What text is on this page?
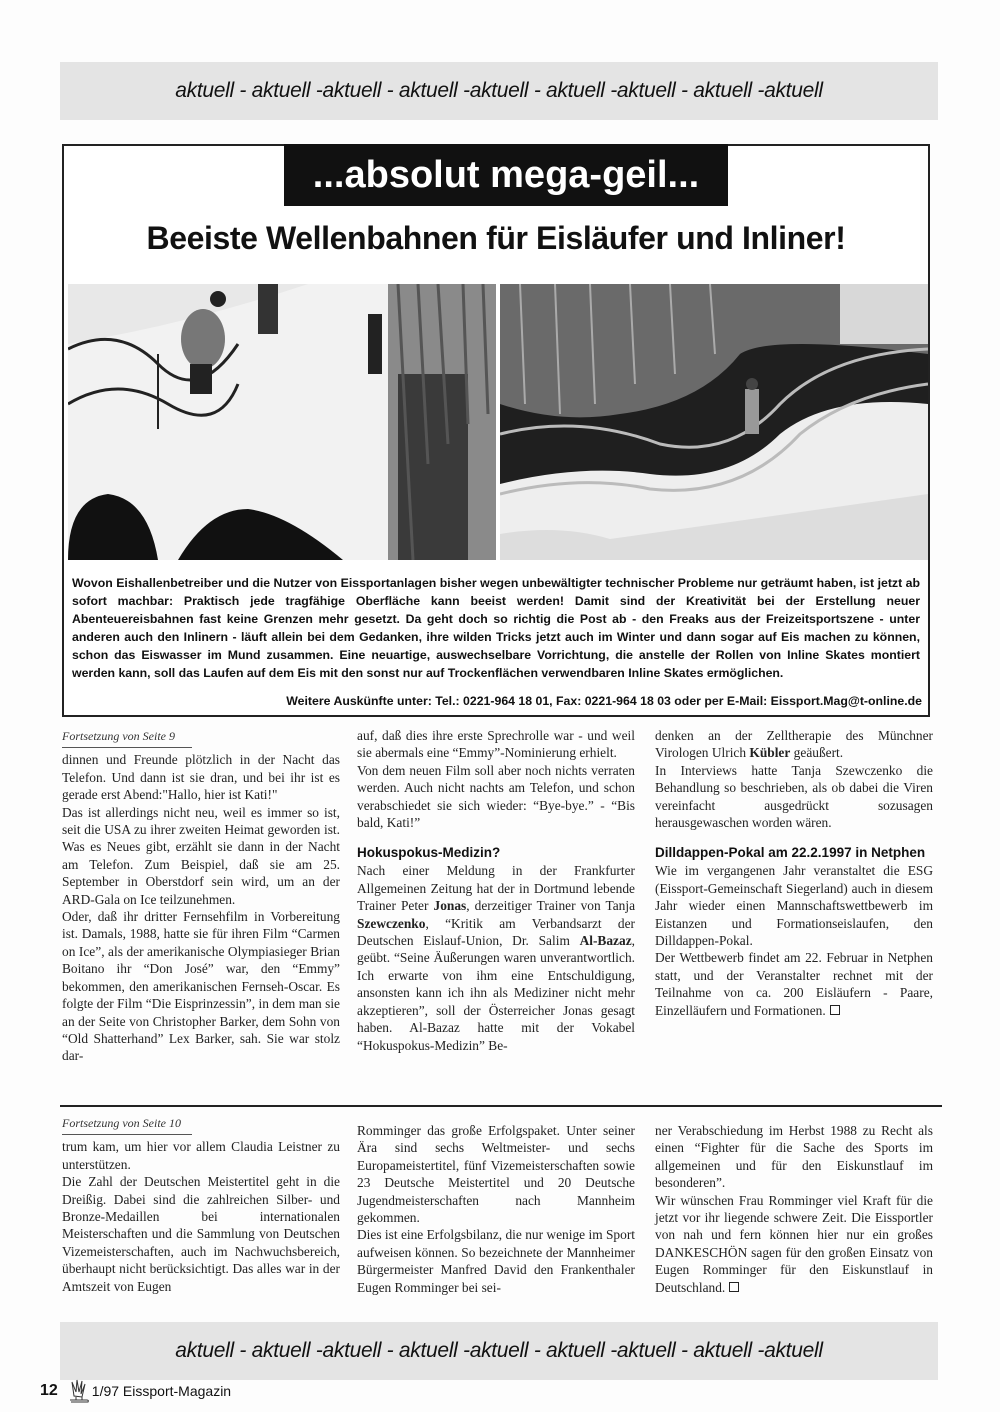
aktuell - aktuell -aktuell - aktuell -aktuell - aktuell -aktuell - aktuell -aktuell
...absolut mega-geil...
Beeiste Wellenbahnen für Eisläufer und Inliner!
Wovon Eishallenbetreiber und die Nutzer von Eissportanlagen bisher wegen unbewältigter technischer Probleme nur geträumt haben, ist jetzt ab sofort machbar: Praktisch jede tragfähige Oberfläche kann beeist werden! Damit sind der Kreativität bei der Erstellung neuer Abenteuereisbahnen fast keine Grenzen mehr gesetzt. Da geht doch so richtig die Post ab - den Freaks aus der Freizeitsportszene - unter anderen auch den Inlinern - läuft allein bei dem Gedanken, ihre wilden Tricks jetzt auch im Winter und dann sogar auf Eis machen zu können, schon das Eiswasser im Mund zusammen. Eine neuartige, auswechselbare Vorrichtung, die anstelle der Rollen von Inline Skates montiert werden kann, soll das Laufen auf dem Eis mit den sonst nur auf Trockenflächen verwendbaren Inline Skates ermöglichen.
Weitere Auskünfte unter: Tel.: 0221-964 18 01, Fax: 0221-964 18 03 oder per E-Mail: Eissport.Mag@t-online.de
Fortsetzung von Seite 9

dinnen und Freunde plötzlich in der Nacht das Telefon. Und dann ist sie dran, und bei ihr ist es gerade erst Abend:"Hallo, hier ist Kati!"

Das ist allerdings nicht neu, weil es immer so ist, seit die USA zu ihrer zweiten Heimat geworden ist. Was es Neues gibt, erzählt sie dann in der Nacht am Telefon. Zum Beispiel, daß sie am 25. September in Oberstdorf sein wird, um an der ARD-Gala on Ice teilzunehmen.

Oder, daß ihr dritter Fernsehfilm in Vorbereitung ist. Damals, 1988, hatte sie für ihren Film “Carmen on Ice”, als der amerikanische Olympiasieger Brian Boitano ihr “Don José” war, den “Emmy” bekommen, den amerikanischen Fernseh-Oscar. Es folgte der Film “Die Eisprinzessin”, in dem man sie an der Seite von Christopher Barker, dem Sohn von “Old Shatterhand” Lex Barker, sah. Sie war stolz dar-

auf, daß dies ihre erste Sprechrolle war - und weil sie abermals eine “Emmy”-Nominierung erhielt.

Von dem neuen Film soll aber noch nichts verraten werden. Auch nicht nachts am Telefon, und schon verabschiedet sie sich wieder: “Bye-bye.” - “Bis bald, Kati!”

Hokuspokus-Medizin?

Nach einer Meldung in der Frankfurter Allgemeinen Zeitung hat der in Dortmund lebende Trainer Peter Jonas, derzeitiger Trainer von Tanja Szewczenko, “Kritik am Verbandsarzt der Deutschen Eislauf-Union, Dr. Salim Al-Bazaz, geübt. “Seine Äußerungen waren unverantwortlich. Ich erwarte von ihm eine Entschuldigung, ansonsten kann ich ihn als Mediziner nicht mehr akzeptieren”, soll der Österreicher Jonas gesagt haben. Al-Bazaz hatte mit der Vokabel “Hokuspokus-Medizin” Be-

denken an der Zelltherapie des Münchner Virologen Ulrich Kübler geäußert.

In Interviews hatte Tanja Szewczenko die Behandlung so beschrieben, als ob dabei die Viren vereinfacht ausgedrückt sozusagen herausgewaschen worden wären.

Dilldappen-Pokal am 22.2.1997 in Netphen

Wie im vergangenen Jahr veranstaltet die ESG (Eissport-Gemeinschaft Siegerland) auch in diesem Jahr wieder einen Mannschaftswettbewerb im Eistanzen und Formationseislaufen, den Dilldappen-Pokal.

Der Wettbewerb findet am 22. Februar in Netphen statt, und der Veranstalter rechnet mit der Teilnahme von ca. 200 Eisläufern - Paare, Einzelläufern und Formationen.

Fortsetzung von Seite 10

trum kam, um hier vor allem Claudia Leistner zu unterstützen.

Die Zahl der Deutschen Meistertitel geht in die Dreißig. Dabei sind die zahlreichen Silber- und Bronze-Medaillen bei internationalen Meisterschaften und die Sammlung von Deutschen Vizemeisterschaften, auch im Nachwuchsbereich, überhaupt nicht berücksichtigt. Das alles war in der Amtszeit von Eugen

Romminger das große Erfolgspaket. Unter seiner Ära sind sechs Weltmeister- und sechs Europameistertitel, fünf Vizemeisterschaften sowie 23 Deutsche Meistertitel und 20 Deutsche Jugendmeisterschaften nach Mannheim gekommen.

Dies ist eine Erfolgsbilanz, die nur wenige im Sport aufweisen können. So bezeichnete der Mannheimer Bürgermeister Manfred David den Frankenthaler Eugen Romminger bei sei-

ner Verabschiedung im Herbst 1988 zu Recht als einen “Fighter für die Sache des Sports im allgemeinen und für den Eiskunstlauf im besonderen”.

Wir wünschen Frau Romminger viel Kraft für die jetzt vor ihr liegende schwere Zeit. Die Eissportler von nah und fern können hier nur ein großes DANKESCHÖN sagen für den großen Einsatz von Eugen Romminger für den Eiskunstlauf in Deutschland.

aktuell - aktuell -aktuell - aktuell -aktuell - aktuell -aktuell - aktuell -aktuell
12 1/97 Eissport-Magazin
